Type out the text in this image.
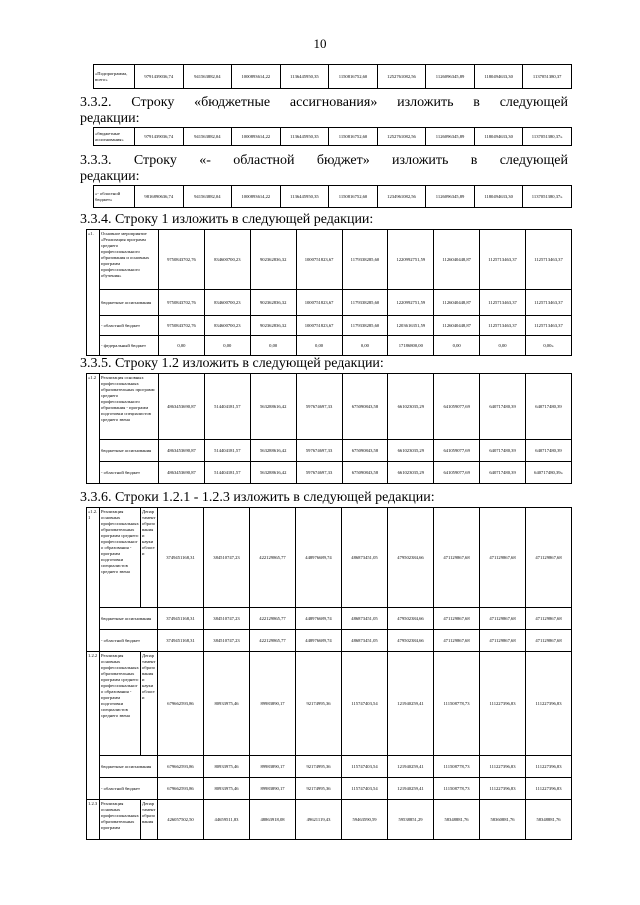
10
«Подпрограмма, всего»	9791439036,74	941563882,04	1000893614,22	1136445950,35	1150816752,60	1252761082,56	1126096345,89	1180494633,30	1137051380,37
3.3.2. Строку «бюджетные ассигнования» изложить в следующей
редакции:
«бюджетные ассигнования»	9791439036,74	941563882,04	1000893614,22	1136445950,35	1150816752,60	1252761082,56	1126096345,89	1180494633,30	1137051380,37»
3.3.3. Строку «- областной бюджет» изложить в следующей
редакции:
«- областной бюджет»	9816890636,74	941563882,04	1000893614,22	1136445950,35	1150816752,60	1234961082,56	1126096345,89	1180494633,30	1137051380,37»
3.3.4. Строку 1 изложить в следующей редакции:
«1.	Основное мероприятие «Реализация программ среднего профессионального образования и основных программ профессионального обучения»	9750843702,76	834600700,23	902362836,32	1000751823,67	1179338285,60	1220992751,59	1126040448,87	1125713463,37	1125713463,37
	бюджетные ассигнования	9750843702,76	834600700,23	902362836,32	1000751823,67	1179338285,60	1220992751,59	1126040448,87	1125713463,37	1125713463,37
	- областной бюджет	9750843702,76	834600700,23	902362836,32	1000751823,67	1179338285,60	1203616351,59	1126040448,87	1125713463,37	1125713463,37
	- федеральный бюджет	0,00	0,00	0,00	0,00	0,00	17186800,00	0,00	0,00	0,00»
3.3.5. Строку 1.2 изложить в следующей редакции:
«1.2	Реализация основных профессиональных образовательных программ среднего профессионального образования - программ подготовки специалистов среднего звена	4863453690,87	514404181,57	563288616,42	597674697,33	675090843,58	661023035,29	641059077,69	640717480,39	640717480,39
	бюджетные ассигнования	4863453690,87	514404181,57	563288616,42	597674697,33	675090843,58	661023035,29	641059077,69	640717480,39	640717480,39
	- областной бюджет	4863453690,87	514404181,57	563288616,42	597674697,33	675090843,58	661023035,29	641059077,69	640717480,39	640717480,39»
3.3.6. Строки 1.2.1 - 1.2.3 изложить в следующей редакции:
«1.2.1	Реализация основных профессиональных образовательных программ среднего профессионального образования - программ подготовки специалистов среднего звена	Департамент образования и науки области	3749451168,31	384510747,23	422129865,77	448976689,74	486873451,05	479502384,66	471129867,68	471129867,68	471129867,68
	бюджетные ассигнования		3749451168,31	384510747,23	422129865,77	448976689,74	486873451,05	479502384,66	471129867,68	471129867,68	471129867,68
	- областной бюджет		3749451168,31	384510747,23	422129865,77	448976689,74	486873451,05	479502384,66	471129867,68	471129867,68	471129867,68
1.2.2	Реализация основных профессиональных образовательных программ среднего профессионального образования - программ подготовки специалистов среднего звена	Департамент образования и науки области	679662593,86	80933975,46	89983890,17	92174995,36	115747403,54	121940259,41	111508778,73	111227396,83	111227396,83
	бюджетные ассигнования		679662593,86	80933975,46	89983890,17	92174995,36	115747403,54	121940259,41	111508778,73	111227396,83	111227396,83
	- областной бюджет		679662593,86	80933975,46	89983890,17	92174995,36	115747403,54	121940259,41	111508778,73	111227396,83	111227396,83
1.2.3	Реализация основных профессиональных образовательных программ	Департамент образования	426057502,50	44659511,83	48863918,08	49621119,43	59463590,59	59538851,29	58348881,76	58360881,76	58348881,76
